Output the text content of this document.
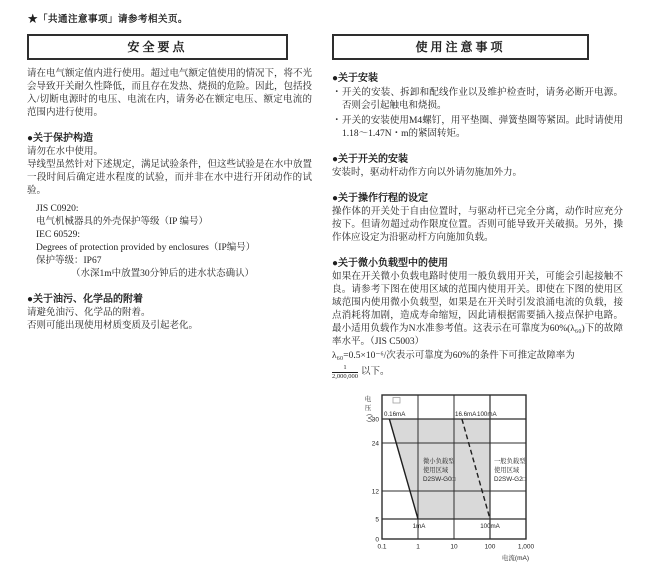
★「共通注意事项」请参考相关页。
安全要点

请在电气额定值内进行使用。超过电气额定值使用的情况下，将不光会导致开关耐久性降低，而且存在发热、烧损的危险。因此，包括投入/切断电源时的电压、电流在内，请务必在额定电压、额定电流的范围内进行使用。

●关于保护构造

请勿在水中使用。

导线型虽然针对下述规定，满足试验条件，但这些试验是在水中放置一段时间后确定进水程度的试验，而并非在水中进行开闭动作的试验。

JIS C0920:
电气机械器具的外壳保护等级（IP 编号）
IEC 60529:
Degrees of protection provided by enclosures（IP编号）
保护等级：IP67
（水深1m中放置30分钟后的进水状态确认）
●关于油污、化学品的附着

请避免油污、化学品的附着。

否则可能出现使用材质变质及引起老化。

使用注意事项
●关于安装
・ 开关的安装、拆卸和配线作业以及维护检查时，请务必断开电源。否则会引起触电和烧损。
・ 开关的安装使用M4螺钉，用平垫圈、弹簧垫圈等紧固。此时请使用1.18～1.47N・m的紧固转矩。
●关于开关的安装

安装时，驱动杆动作方向以外请勿施加外力。

●关于操作行程的设定

操作体的开关处于自由位置时，与驱动杆已完全分离，动作时应充分按下。但请勿超过动作限度位置。否则可能导致开关破损。另外，操作体应设定为沿驱动杆方向施加负载。

●关于微小负载型中的使用

如果在开关微小负载电路时使用一般负载用开关，可能会引起接触不良。请参考下图在使用区域的范围内使用开关。即使在下图的使用区域范围内使用微小负载型，如果是在开关时引发浪涌电流的负载，接点消耗将加剧，造成寿命缩短，因此请根据需要插入接点保护电路。最小适用负载作为N水准参考值。这表示在可靠度为60%(λ₆₀)下的故障率水平。（JIS C5003）

λ₆₀=0.5×10⁻⁶/次表示可靠度为60%的条件下可推定故障率为
$\frac{1}{2,000,000}$ 以下。
电
压
(V) 30
24
12
5
0
0.1	1	10	100	1,000
0.16mA	16.6mA 100mA
1mA	100mA
微小负载型
使用区域
D2SW-G0□
一般负载型
使用区域
D2SW-G2□
电流(mA)
